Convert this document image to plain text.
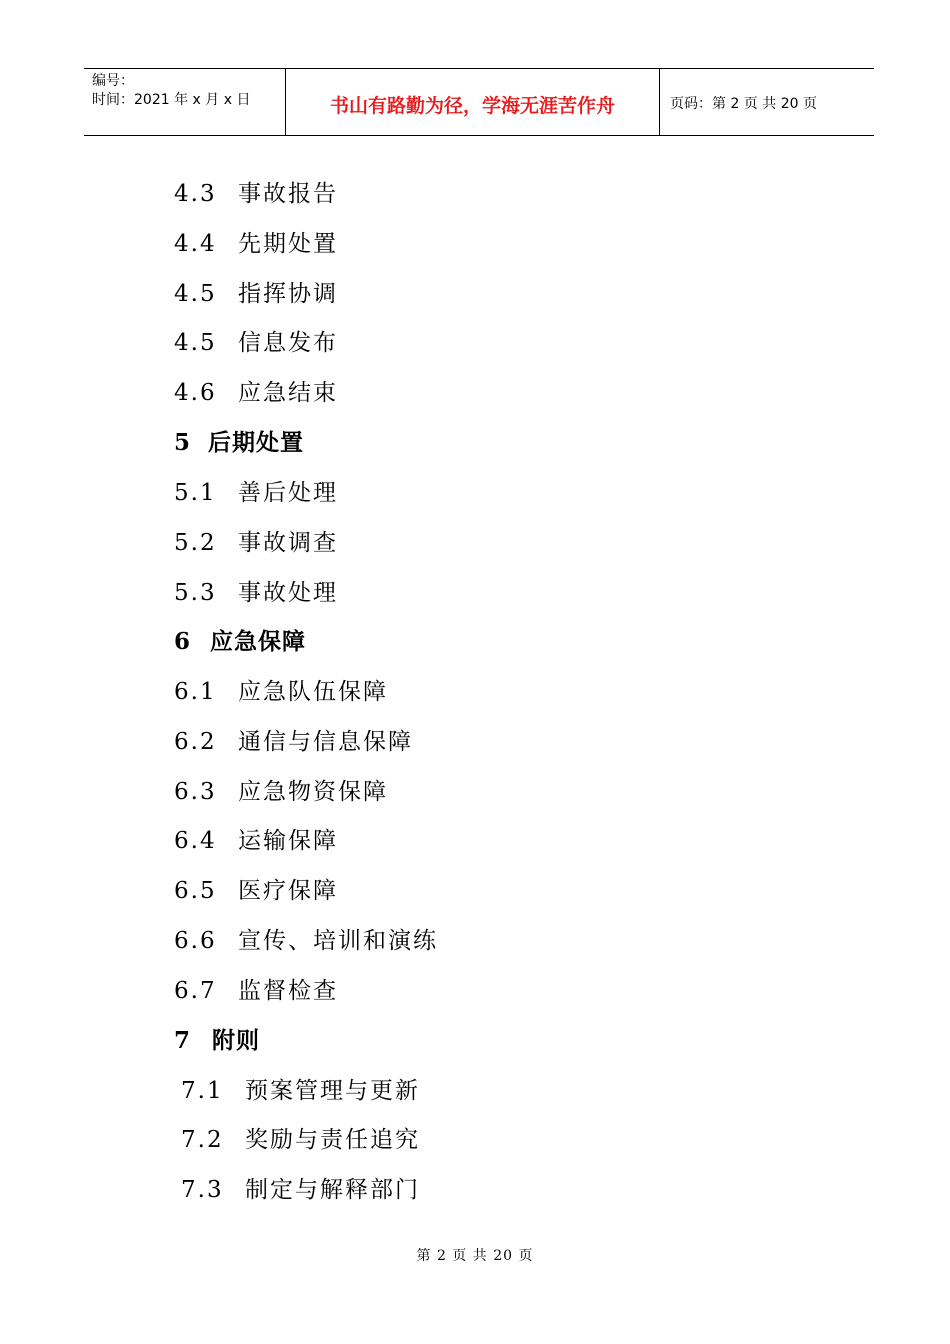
编号：
时间：2021 年 x 月 x 日	书山有路勤为径，学海无涯苦作舟	页码：第 2 页 共 20 页
4.3 事故报告
4.4 先期处置
4.5 指挥协调
4.5 信息发布
4.6 应急结束
5 后期处置
5.1 善后处理
5.2 事故调查
5.3 事故处理
6 应急保障
6.1 应急队伍保障
6.2 通信与信息保障
6.3 应急物资保障
6.4 运输保障
6.5 医疗保障
6.6 宣传、培训和演练
6.7 监督检查
7 附则
7.1 预案管理与更新
7.2 奖励与责任追究
7.3 制定与解释部门
第 2 页 共 20 页
